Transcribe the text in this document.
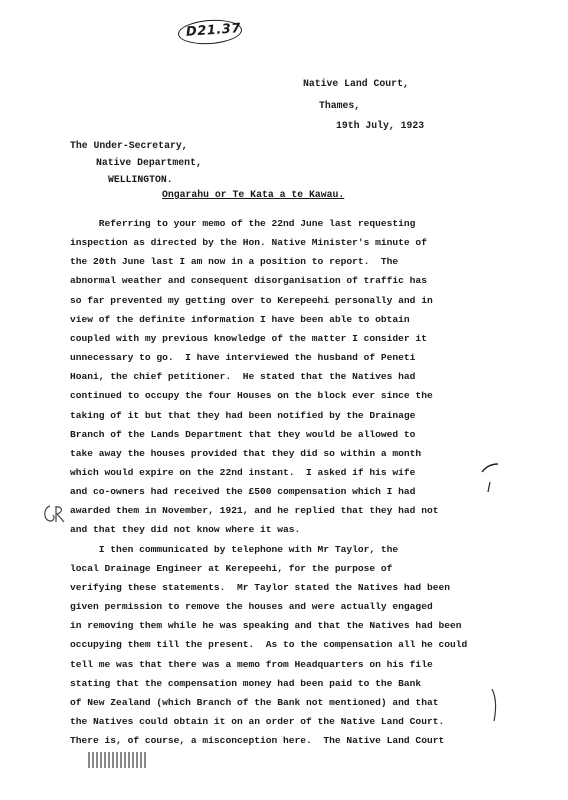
D21.37
Native Land Court,
Thames,
19th July, 1923
The Under-Secretary,
Native Department,
WELLINGTON.
Ongarahu or Te Kata a te Kawau.
Referring to your memo of the 22nd June last requesting
inspection as directed by the Hon. Native Minister's minute of
the 20th June last I am now in a position to report.  The
abnormal weather and consequent disorganisation of traffic has
so far prevented my getting over to Kerepeehi personally and in
view of the definite information I have been able to obtain
coupled with my previous knowledge of the matter I consider it
unnecessary to go.  I have interviewed the husband of Peneti
Hoani, the chief petitioner.  He stated that the Natives had
continued to occupy the four Houses on the block ever since the
taking of it but that they had been notified by the Drainage
Branch of the Lands Department that they would be allowed to
take away the houses provided that they did so within a month
which would expire on the 22nd instant.  I asked if his wife
and co-owners had received the £500 compensation which I had
awarded them in November, 1921, and he replied that they had not
and that they did not know where it was.
I then communicated by telephone with Mr Taylor, the
local Drainage Engineer at Kerepeehi, for the purpose of
verifying these statements.  Mr Taylor stated the Natives had been
given permission to remove the houses and were actually engaged
in removing them while he was speaking and that the Natives had been
occupying them till the present.  As to the compensation all he could
tell me was that there was a memo from Headquarters on his file
stating that the compensation money had been paid to the Bank
of New Zealand (which Branch of the Bank not mentioned) and that
the Natives could obtain it on an order of the Native Land Court.
There is, of course, a misconception here.  The Native Land Court
